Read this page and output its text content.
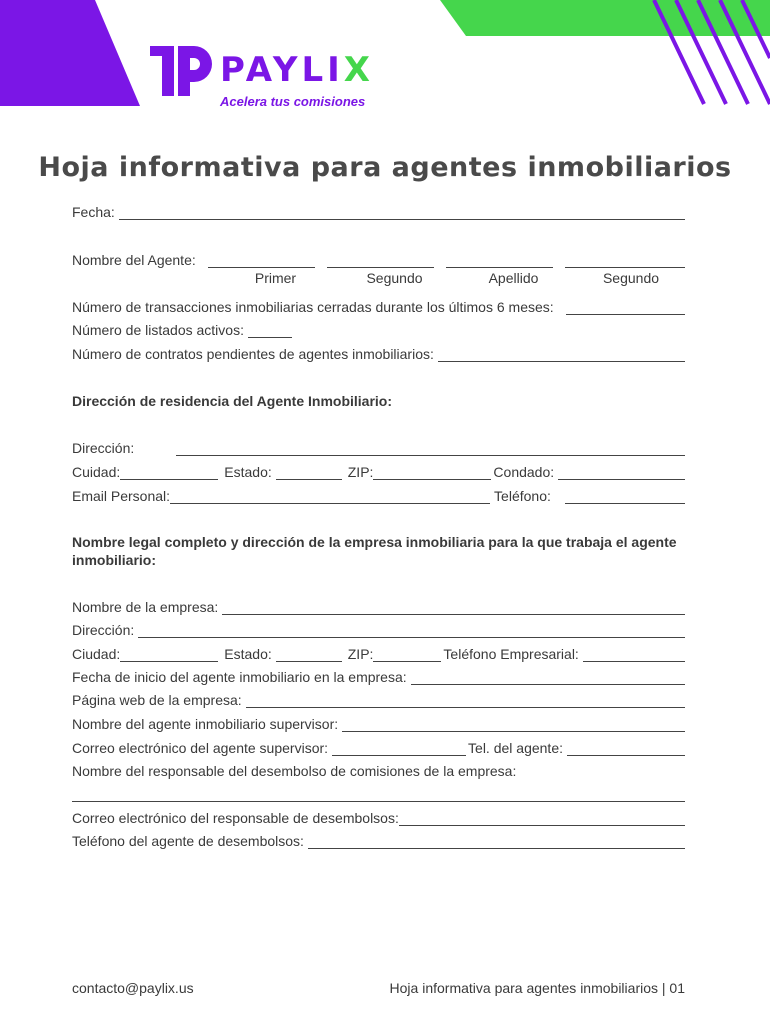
PAYLIX
Acelera tus comisiones
Hoja informativa para agentes inmobiliarios
Fecha:
Nombre del Agente:
Primer	Segundo	Apellido	Segundo
Número de transacciones inmobiliarias cerradas durante los últimos 6 meses:
Número de listados activos:
Número de contratos pendientes de agentes inmobiliarios:
Dirección de residencia del Agente Inmobiliario:
Dirección:
Cuidad:	Estado:	ZIP:	Condado:
Email Personal:	Teléfono:
Nombre legal completo y dirección de la empresa inmobiliaria para la que trabaja el agente inmobiliario:
Nombre de la empresa:
Dirección:
Ciudad:	Estado:	ZIP:	Teléfono Empresarial:
Fecha de inicio del agente inmobiliario en la empresa:
Página web de la empresa:
Nombre del agente inmobiliario supervisor:
Correo electrónico del agente supervisor:	Tel. del agente:
Nombre del responsable del desembolso de comisiones de la empresa:
Correo electrónico del responsable de desembolsos:
Teléfono del agente de desembolsos:
contacto@paylix.us	Hoja informativa para agentes inmobiliarios | 01
